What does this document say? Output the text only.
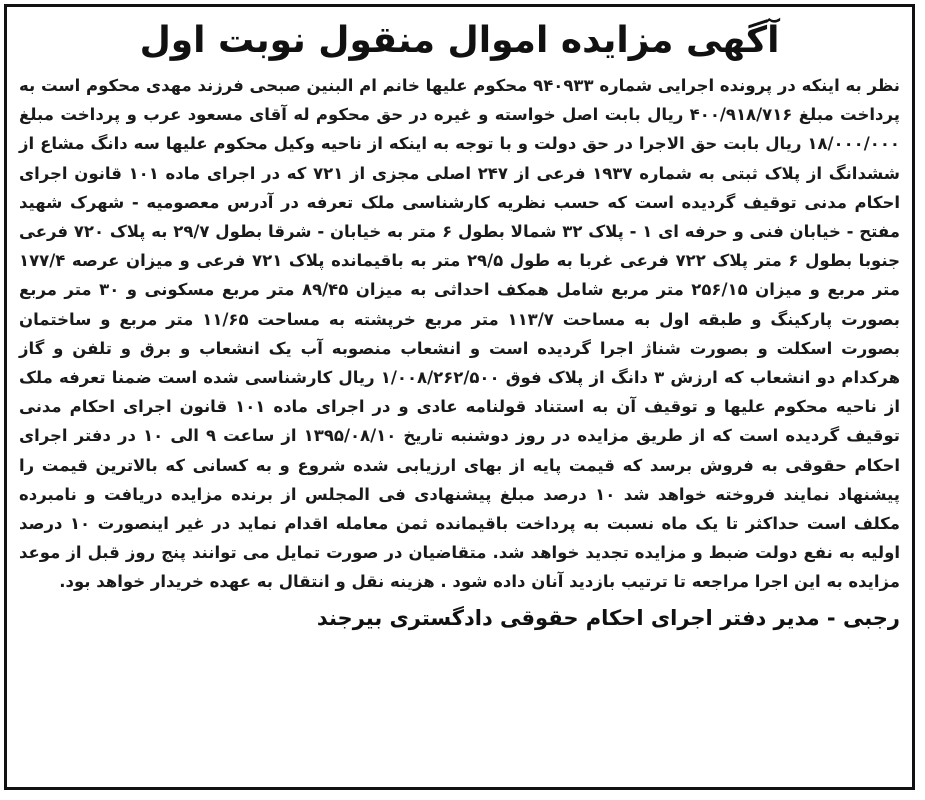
آگهی مزایده اموال منقول نوبت اول
نظر به اینکه در پرونده اجرایی شماره ۹۴۰۹۳۳ محکوم علیها خانم ام البنین صبحی فرزند مهدی محکوم است به پرداخت مبلغ ۴۰۰/۹۱۸/۷۱۶ ریال بابت اصل خواسته و غیره در حق محکوم له آقای مسعود عرب و پرداخت مبلغ ۱۸/۰۰۰/۰۰۰ ریال بابت حق الاجرا در حق دولت و با توجه به اینکه از ناحیه وکیل محکوم علیها سه دانگ مشاع از ششدانگ از پلاک ثبتی به شماره ۱۹۳۷ فرعی از ۲۴۷ اصلی مجزی از ۷۲۱ که در اجرای ماده ۱۰۱ قانون اجرای احکام مدنی توقیف گردیده است که حسب نظریه کارشناسی ملک تعرفه در آدرس معصومیه - شهرک شهید مفتح - خیابان فنی و حرفه ای ۱ - پلاک ۳۲ شمالا بطول ۶ متر به خیابان - شرقا بطول ۲۹/۷ به پلاک ۷۲۰ فرعی جنوبا بطول ۶ متر پلاک ۷۲۲ فرعی غربا به طول ۲۹/۵ متر به باقیمانده پلاک ۷۲۱ فرعی و میزان عرصه ۱۷۷/۴ متر مربع و میزان ۲۵۶/۱۵ متر مربع شامل همکف احداثی به میزان ۸۹/۴۵ متر مربع مسکونی و ۳۰ متر مربع بصورت پارکینگ و طبقه اول به مساحت ۱۱۳/۷ متر مربع خرپشته به مساحت ۱۱/۶۵ متر مربع و ساختمان بصورت اسکلت و بصورت شناژ اجرا گردیده است و انشعاب منصوبه آب یک انشعاب و برق و تلفن و گاز هرکدام دو انشعاب که ارزش ۳ دانگ از پلاک فوق ۱/۰۰۸/۲۶۲/۵۰۰ ریال کارشناسی شده است ضمنا تعرفه ملک از ناحیه محکوم علیها و توقیف آن به استناد قولنامه عادی و در اجرای ماده ۱۰۱ قانون اجرای احکام مدنی توقیف گردیده است که از طریق مزایده در روز دوشنبه تاریخ ۱۳۹۵/۰۸/۱۰ از ساعت ۹ الی ۱۰ در دفتر اجرای احکام حقوقی به فروش برسد که قیمت پایه از بهای ارزیابی شده شروع و به کسانی که بالاترین قیمت را پیشنهاد نمایند فروخته خواهد شد ۱۰ درصد مبلغ پیشنهادی فی المجلس از برنده مزایده دریافت و نامبرده مکلف است حداکثر تا یک ماه نسبت به پرداخت باقیمانده ثمن معامله اقدام نماید در غیر اینصورت ۱۰ درصد اولیه به نفع دولت ضبط و مزایده تجدید خواهد شد. متقاضیان در صورت تمایل می توانند پنج روز قبل از موعد مزایده به این اجرا مراجعه تا ترتیب بازدید آنان داده شود . هزینه نقل و انتقال به عهده خریدار خواهد بود.
رجبی - مدیر دفتر اجرای احکام حقوقی دادگستری بیرجند
